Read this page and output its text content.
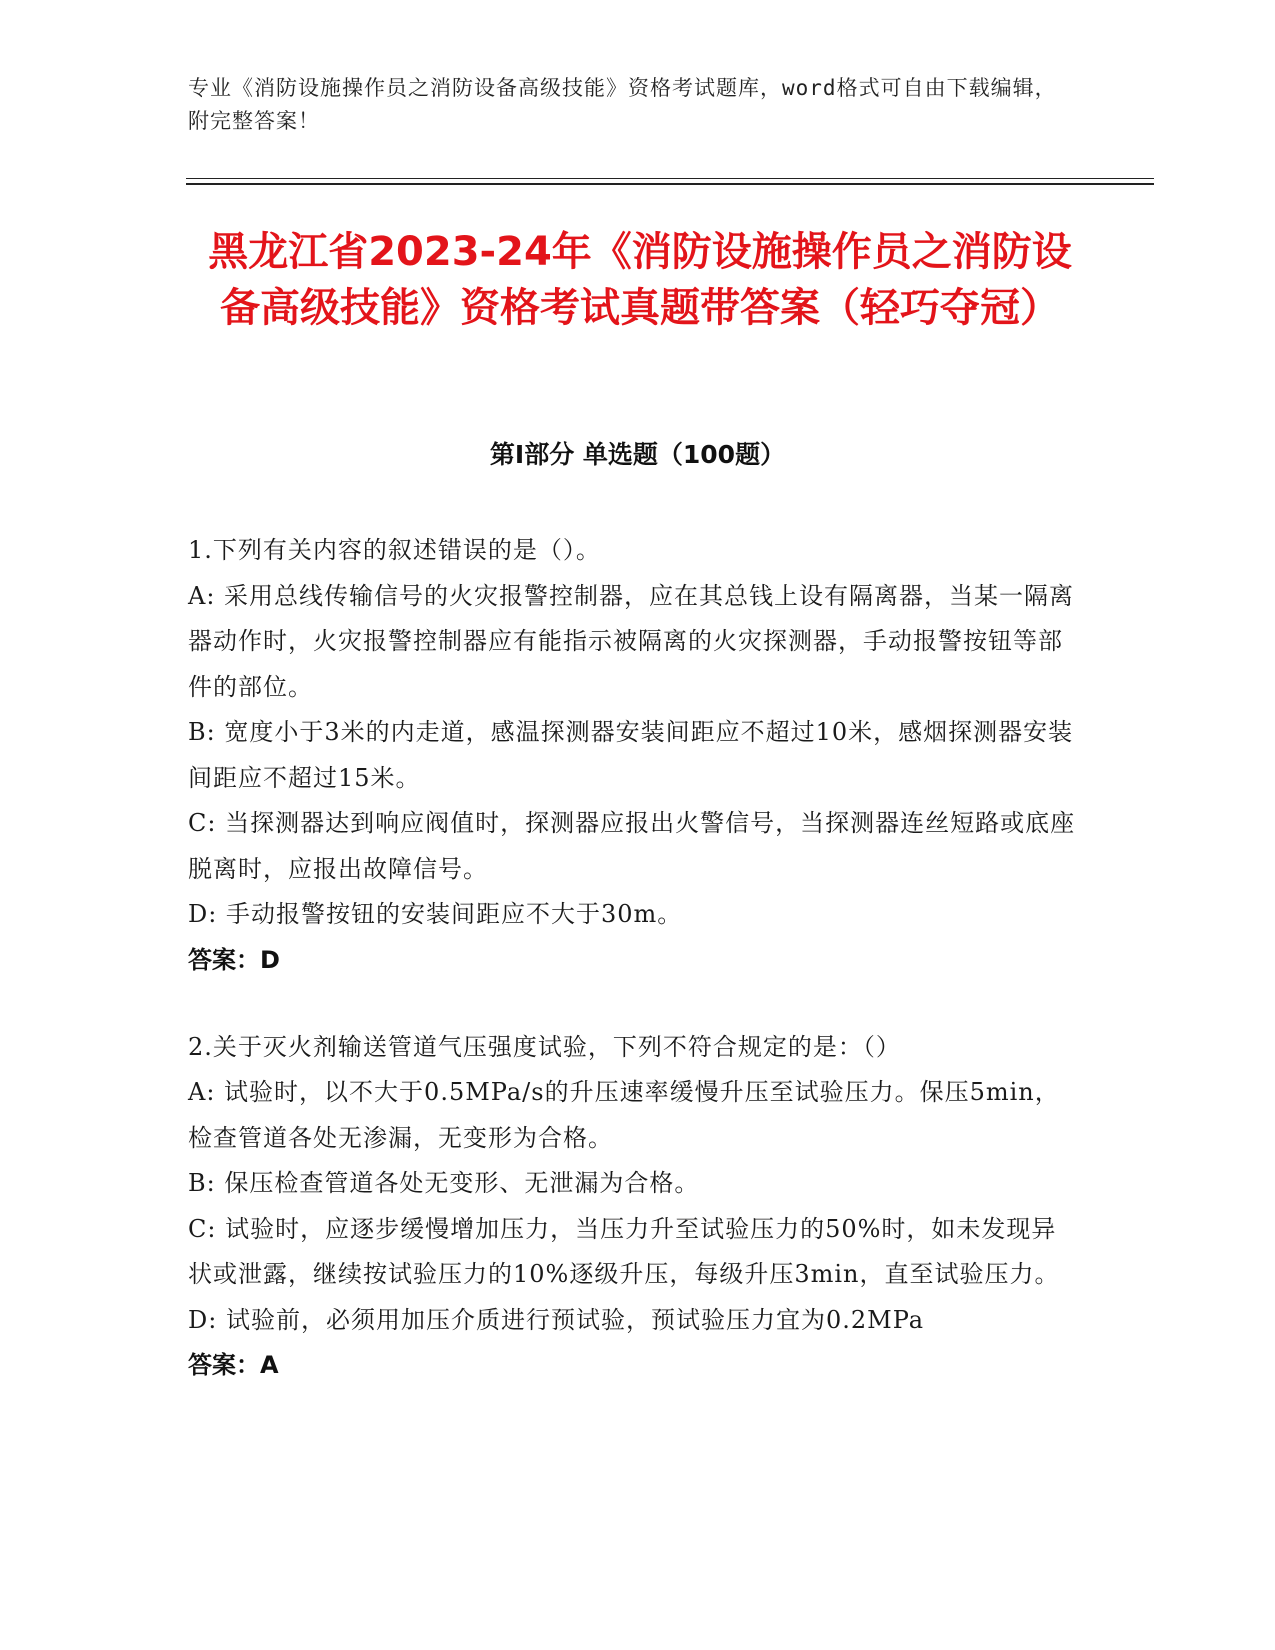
专业《消防设施操作员之消防设备高级技能》资格考试题库，word格式可自由下载编辑，附完整答案！
黑龙江省2023-24年《消防设施操作员之消防设备高级技能》资格考试真题带答案（轻巧夺冠）
第I部分 单选题（100题）
1.下列有关内容的叙述错误的是（）。
A: 采用总线传输信号的火灾报警控制器，应在其总钱上设有隔离器，当某一隔离器动作时，火灾报警控制器应有能指示被隔离的火灾探测器，手动报警按钮等部件的部位。
B: 宽度小于3米的内走道，感温探测器安装间距应不超过10米，感烟探测器安装间距应不超过15米。
C: 当探测器达到响应阀值时，探测器应报出火警信号，当探测器连丝短路或底座脱离时，应报出故障信号。
D: 手动报警按钮的安装间距应不大于30m。
答案：D
2.关于灭火剂输送管道气压强度试验，下列不符合规定的是：（）
A: 试验时，以不大于0.5MPa/s的升压速率缓慢升压至试验压力。保压5min，检查管道各处无渗漏，无变形为合格。
B: 保压检查管道各处无变形、无泄漏为合格。
C: 试验时，应逐步缓慢增加压力，当压力升至试验压力的50%时，如未发现异状或泄露，继续按试验压力的10%逐级升压，每级升压3min，直至试验压力。
D: 试验前，必须用加压介质进行预试验，预试验压力宜为0.2MPa
答案：A
